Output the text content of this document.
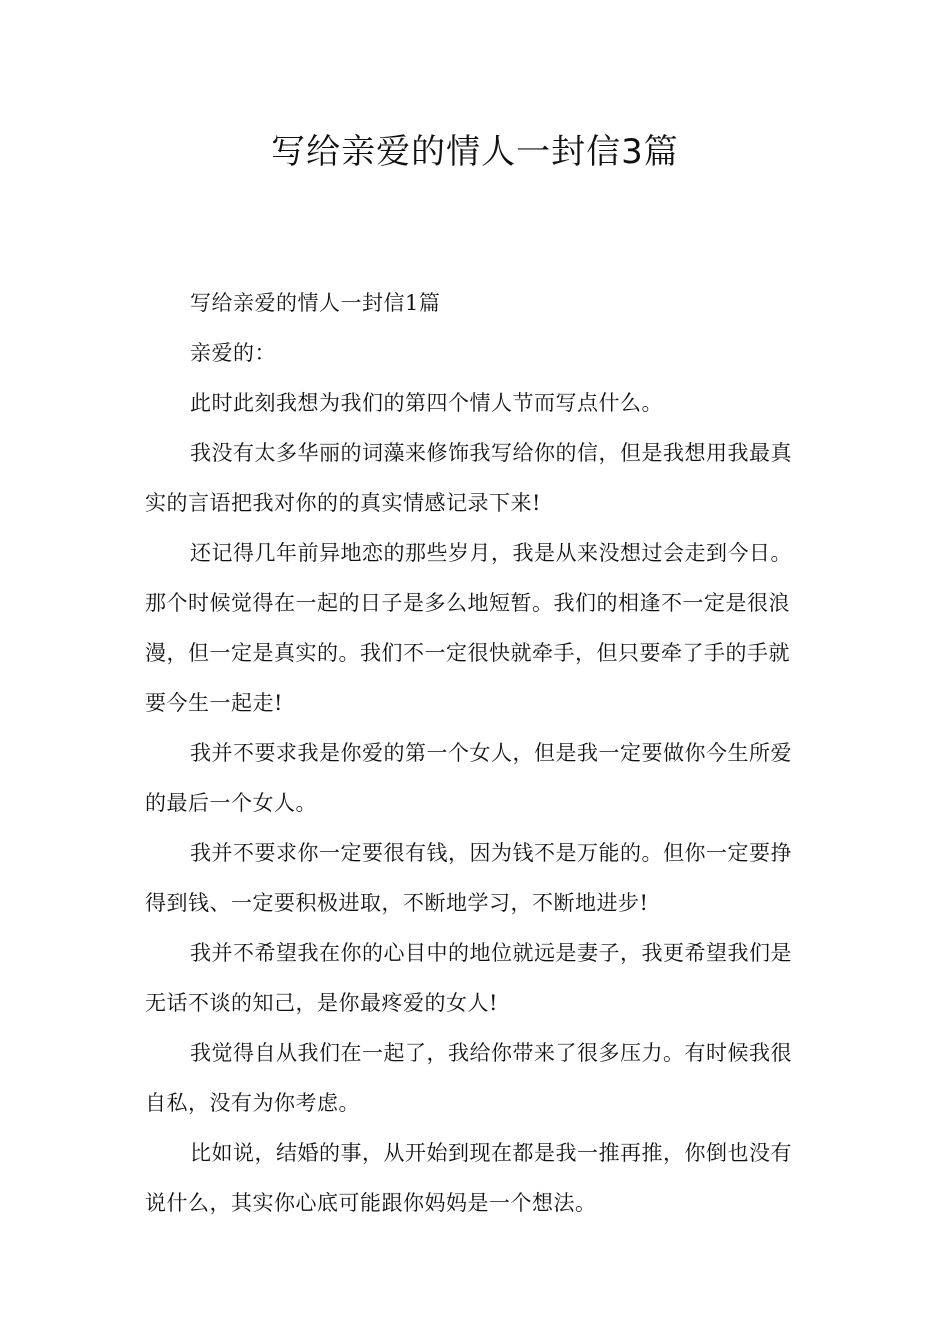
写给亲爱的情人一封信3篇

写给亲爱的情人一封信1篇

亲爱的：

此时此刻我想为我们的第四个情人节而写点什么。

我没有太多华丽的词藻来修饰我写给你的信，但是我想用我最真实的言语把我对你的的真实情感记录下来!

还记得几年前异地恋的那些岁月，我是从来没想过会走到今日。那个时候觉得在一起的日子是多么地短暂。我们的相逢不一定是很浪漫，但一定是真实的。我们不一定很快就牵手，但只要牵了手的手就要今生一起走!

我并不要求我是你爱的第一个女人，但是我一定要做你今生所爱的最后一个女人。

我并不要求你一定要很有钱，因为钱不是万能的。但你一定要挣得到钱、一定要积极进取，不断地学习，不断地进步!

我并不希望我在你的心目中的地位就远是妻子，我更希望我们是无话不谈的知己，是你最疼爱的女人!

我觉得自从我们在一起了，我给你带来了很多压力。有时候我很自私，没有为你考虑。

比如说，结婚的事，从开始到现在都是我一推再推，你倒也没有说什么，其实你心底可能跟你妈妈是一个想法。
